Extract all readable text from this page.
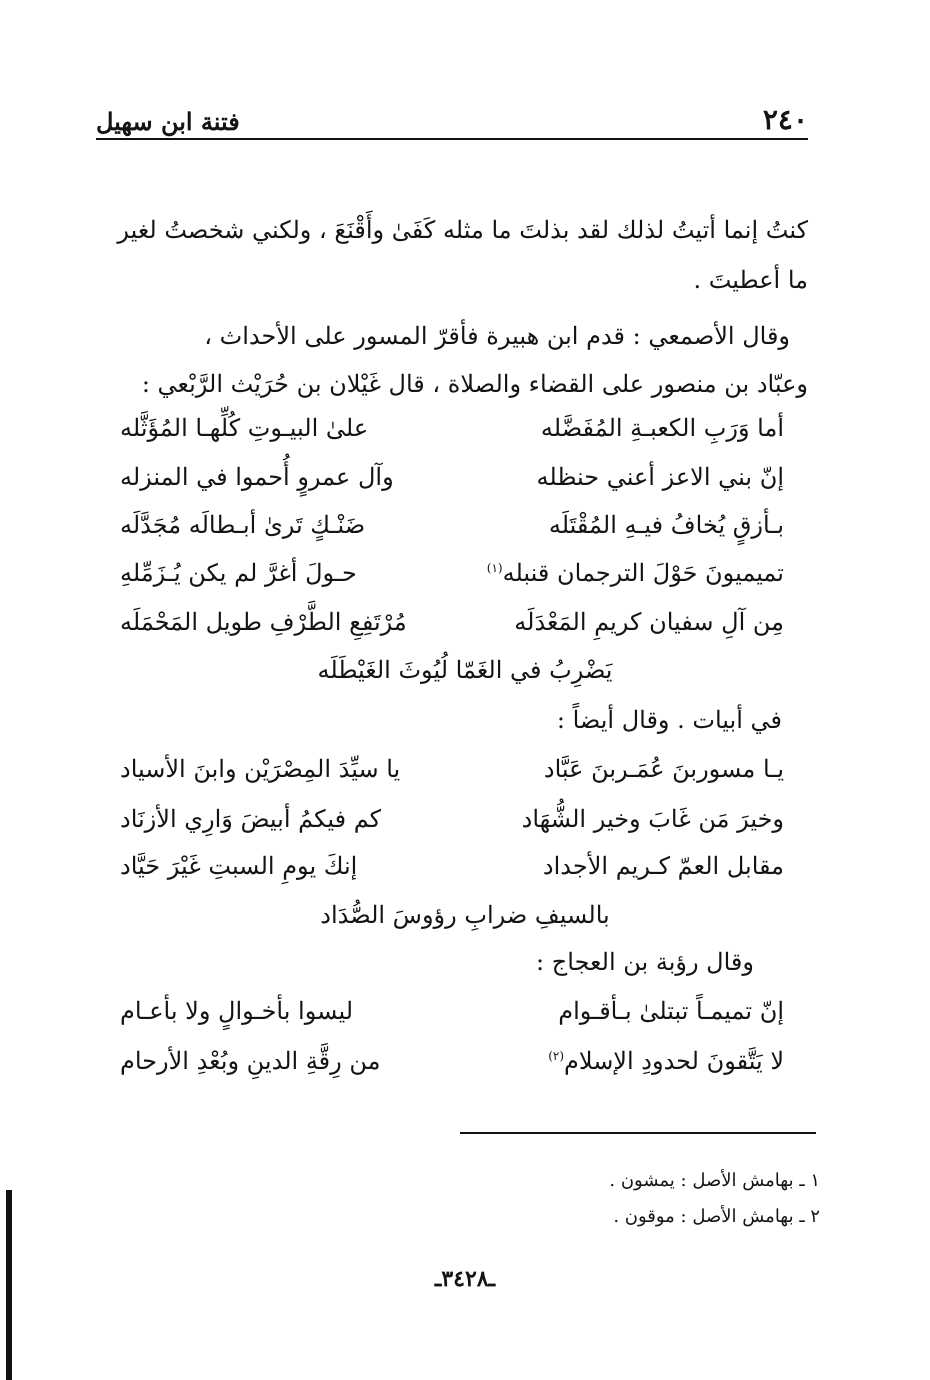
٢٤٠
فتنة ابن سهيل
كنتُ إنما أتيتُ لذلك لقد بذلتَ ما مثله كَفَىٰ وأَقْنَعَ ، ولكني شخصتُ لغير
ما أعطيتَ .
وقال الأصمعي : قدم ابن هبيرة فأقرّ المسور على الأحداث ،
وعبّاد بن منصور على القضاء والصلاة ، قال غَيْلان بن حُرَيْث الرَّبْعي :
أما وَرَبِ الكعبـةِ المُفَضَّله
علىٰ البيـوتِ كُلِّهـا المُؤَثَّله
إنّ بني الاعز أعني حنظله
وآل عمروٍ أُحموا في المنزله
بـأزقٍ يُخافُ فيـهِ المُقْتَلَه
ضَنْـكٍ تَرىٰ أبـطالَه مُجَدَّلَه
تميميونَ حَوْلَ الترجمان قنبله$^{(١)}$
حـولَ أغرَّ لم يكن يُـزَمِّلهِ
مِن آلِ سفيان كريمِ المَعْدَلَه
مُرْتَفِعِ الطَّرْفِ طويل المَحْمَلَه
يَضْرِبُ في الغَمّا لُيُوثَ الغَيْطَلَه
في أبيات . وقال أيضاً :
يـا مسوربنَ عُمَـربنَ عَبَّاد
يا سيِّدَ المِصْرَيْن وابنَ الأسياد
وخيرَ مَن غَابَ وخير الشُّهَاد
كم فيكمُ أبيضَ وَارِي الأزنَاد
مقابل العمّ كـريم الأجداد
إنكَ يومِ السبتِ غَيْرَ حَيَّاد
بالسيفِ ضرابِ رؤوسَ الصُّدَاد
وقال رؤبة بن العجاج :
إنّ تميمـاً تبتلىٰ بـأقـوام
ليسوا بأخـوالٍ ولا بأعـام
لا يَتَّقونَ لحدودِ الإسلام$^{(٢)}$
من رِقَّةِ الدينِ وبُعْدِ الأرحام
١ ـ بهامش الأصل : يمشون .
٢ ـ بهامش الأصل : موقون .
ـ٣٤٢٨ـ
